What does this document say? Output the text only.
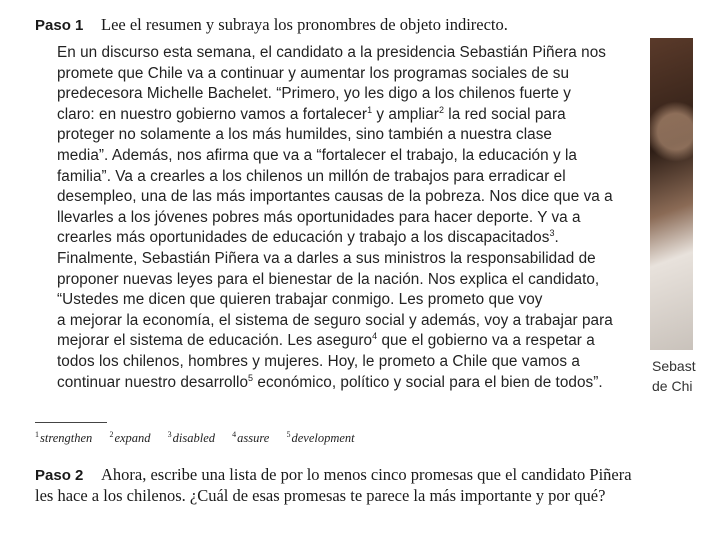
Paso 1 Lee el resumen y subraya los pronombres de objeto indirecto.
En un discurso esta semana, el candidato a la presidencia Sebastián Piñera nos
promete que Chile va a continuar y aumentar los programas sociales de su
predecesora Michelle Bachelet. “Primero, yo les digo a los chilenos fuerte y
claro: en nuestro gobierno vamos a fortalecer$^1$ y ampliar$^2$ la red social para
proteger no solamente a los más humildes, sino también a nuestra clase
media”. Además, nos afirma que va a “fortalecer el trabajo, la educación y la
familia”. Va a crearles a los chilenos un millón de trabajos para erradicar el
desempleo, una de las más importantes causas de la pobreza. Nos dice que va a
llevarles a los jóvenes pobres más oportunidades para hacer deporte. Y va a
crearles más oportunidades de educación y trabajo a los discapacitados$^3$.
Finalmente, Sebastián Piñera va a darles a sus ministros la responsabilidad de
proponer nuevas leyes para el bienestar de la nación. Nos explica el candidato,
“Ustedes me dicen que quieren trabajar conmigo. Les prometo que voy
a mejorar la economía, el sistema de seguro social y además, voy a trabajar para
mejorar el sistema de educación. Les aseguro$^4$ que el gobierno va a respetar a
todos los chilenos, hombres y mujeres. Hoy, le prometo a Chile que vamos a
continuar nuestro desarrollo$^5$ económico, político y social para el bien de todos”.
Sebast
de Chi
$^1$strengthen $^2$expand $^3$disabled $^4$assure $^5$development
Paso 2 Ahora, escribe una lista de por lo menos cinco promesas que el candidato Piñera
les hace a los chilenos. ¿Cuál de esas promesas te parece la más importante y por qué?
